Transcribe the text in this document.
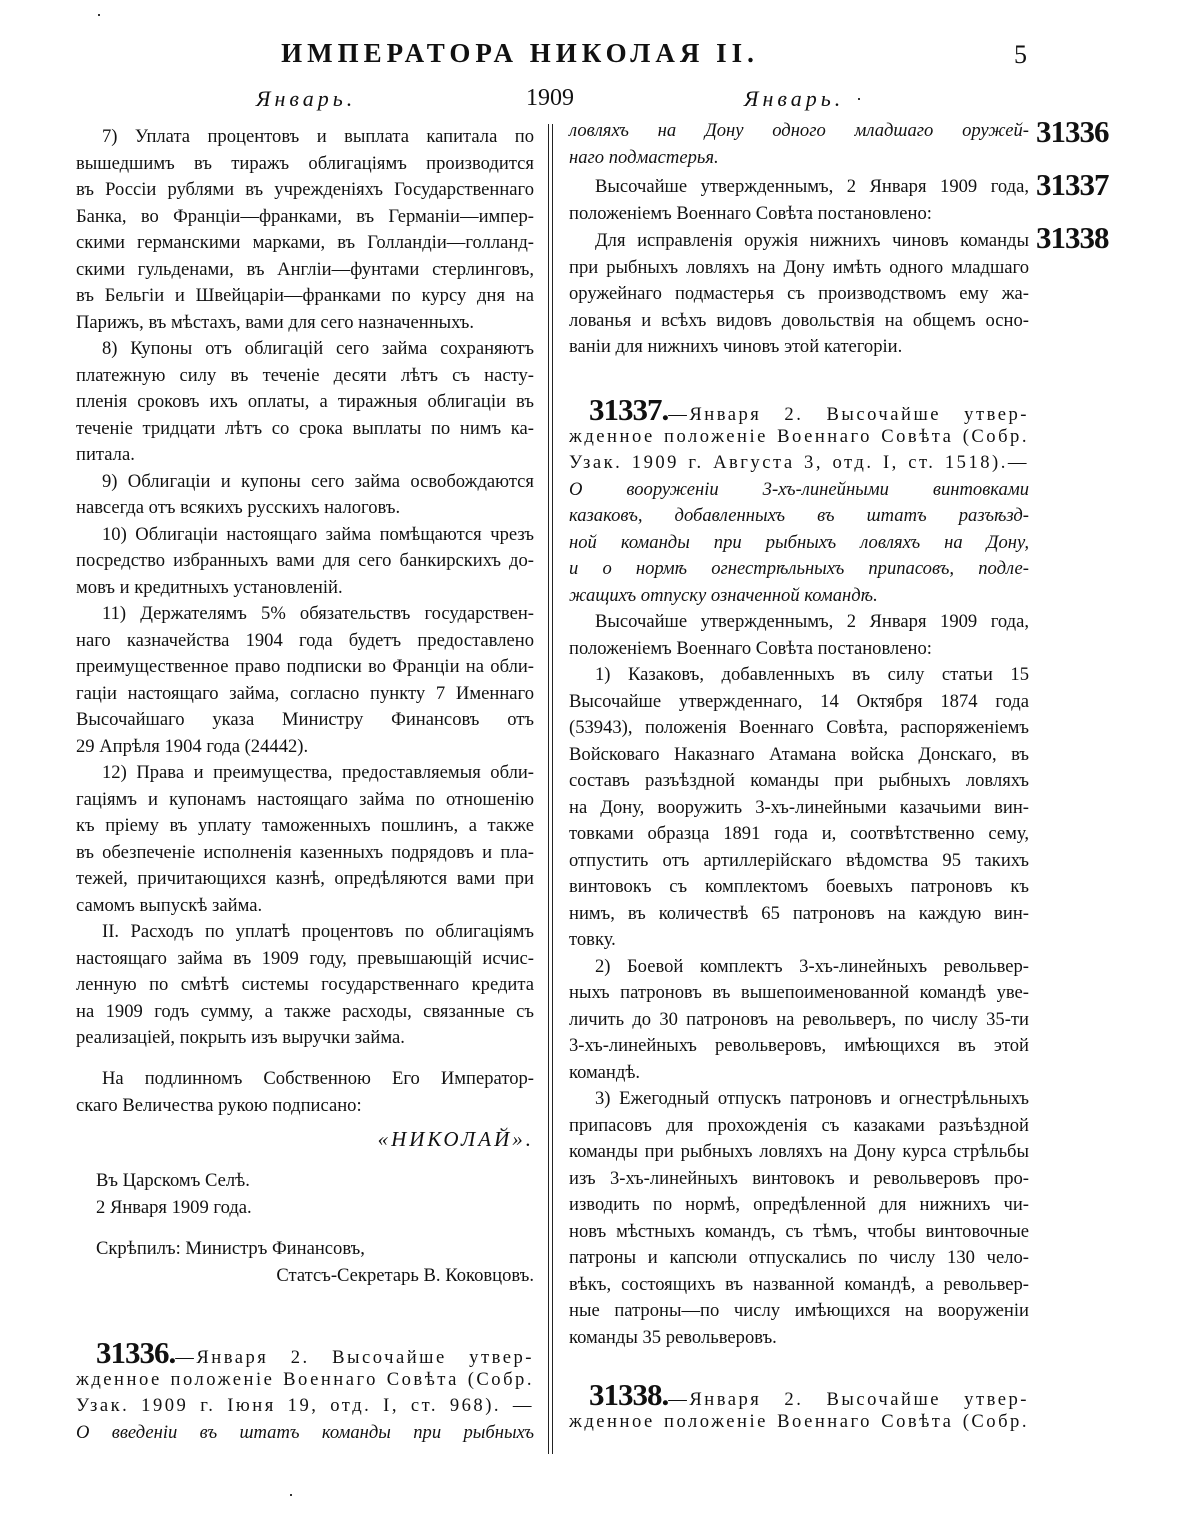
ИМПЕРАТОРА НИКОЛАЯ II.	5
Январь.	1909	Январь.
31336
31337
31338
7) Уплата процентовъ и выплата капитала по
вышедшимъ въ тиражъ облигаціямъ производится
въ Россіи рублями въ учрежденіяхъ Государственнаго
Банка, во Франціи—франками, въ Германіи—импер-
скими германскими марками, въ Голландіи—голланд-
скими гульденами, въ Англіи—фунтами стерлинговъ,
въ Бельгіи и Швейцаріи—франками по курсу дня на
Парижъ, въ мѣстахъ, вами для сего назначенныхъ.
8) Купоны отъ облигацій сего займа сохраняютъ
платежную силу въ теченіе десяти лѣтъ съ насту-
пленія сроковъ ихъ оплаты, а тиражныя облигаціи въ
теченіе тридцати лѣтъ со срока выплаты по нимъ ка-
питала.
9) Облигаціи и купоны сего займа освобождаются
навсегда отъ всякихъ русскихъ налоговъ.
10) Облигаціи настоящаго займа помѣщаются чрезъ
посредство избранныхъ вами для сего банкирскихъ до-
мовъ и кредитныхъ установленій.
11) Держателямъ 5% обязательствъ государствен-
наго казначейства 1904 года будетъ предоставлено
преимущественное право подписки во Франціи на обли-
гаціи настоящаго займа, согласно пункту 7 Именнаго
Высочайшаго указа Министру Финансовъ отъ
29 Апрѣля 1904 года (24442).
12) Права и преимущества, предоставляемыя обли-
гаціямъ и купонамъ настоящаго займа по отношенію
къ пріему въ уплату таможенныхъ пошлинъ, а также
въ обезпеченіе исполненія казенныхъ подрядовъ и пла-
тежей, причитающихся казнѣ, опредѣляются вами при
самомъ выпускѣ займа.
II. Расходъ по уплатѣ процентовъ по облигаціямъ
настоящаго займа въ 1909 году, превышающій исчис-
ленную по смѣтѣ системы государственнаго кредита
на 1909 годъ сумму, а также расходы, связанные съ
реализаціей, покрыть изъ выручки займа.
На подлинномъ Собственною Его Император-
скаго Величества рукою подписано:
«НИКОЛАЙ».
Въ Царскомъ Селѣ.
2 Января 1909 года.
Скрѣпилъ: Министръ Финансовъ,
Статсъ-Секретарь В. Коковцовъ.
31336.—Января 2. Высочайше утвер-
жденное положеніе Военнаго Совѣта (Собр.
Узак. 1909 г. Іюня 19, отд. I, ст. 968). —
О введеніи въ штатъ команды при рыбныхъ
ловляхъ на Дону одного младшаго оружей-
наго подмастерья.
Высочайше утвержденнымъ, 2 Января 1909 года,
положеніемъ Военнаго Совѣта постановлено:
Для исправленія оружія нижнихъ чиновъ команды
при рыбныхъ ловляхъ на Дону имѣть одного младшаго
оружейнаго подмастерья съ производствомъ ему жа-
лованья и всѣхъ видовъ довольствія на общемъ осно-
ваніи для нижнихъ чиновъ этой категоріи.
31337.—Января 2. Высочайше утвер-
жденное положеніе Военнаго Совѣта (Собр.
Узак. 1909 г. Августа 3, отд. I, ст. 1518).—
О вооруженіи 3-хъ-линейными винтовками
казаковъ, добавленныхъ въ штатъ разъѣзд-
ной команды при рыбныхъ ловляхъ на Дону,
и о нормѣ огнестрѣльныхъ припасовъ, подле-
жащихъ отпуску означенной командѣ.
Высочайше утвержденнымъ, 2 Января 1909 года,
положеніемъ Военнаго Совѣта постановлено:
1) Казаковъ, добавленныхъ въ силу статьи 15
Высочайше утвержденнаго, 14 Октября 1874 года
(53943), положенія Военнаго Совѣта, распоряженіемъ
Войсковаго Наказнаго Атамана войска Донскаго, въ
составъ разъѣздной команды при рыбныхъ ловляхъ
на Дону, вооружить 3-хъ-линейными казачьими вин-
товками образца 1891 года и, соотвѣтственно сему,
отпустить отъ артиллерійскаго вѣдомства 95 такихъ
винтовокъ съ комплектомъ боевыхъ патроновъ къ
нимъ, въ количествѣ 65 патроновъ на каждую вин-
товку.
2) Боевой комплектъ 3-хъ-линейныхъ револьвер-
ныхъ патроновъ въ вышепоименованной командѣ уве-
личить до 30 патроновъ на револьверъ, по числу 35-ти
3-хъ-линейныхъ револьверовъ, имѣющихся въ этой
командѣ.
3) Ежегодный отпускъ патроновъ и огнестрѣльныхъ
припасовъ для прохожденія съ казаками разъѣздной
команды при рыбныхъ ловляхъ на Дону курса стрѣльбы
изъ 3-хъ-линейныхъ винтовокъ и револьверовъ про-
изводить по нормѣ, опредѣленной для нижнихъ чи-
новъ мѣстныхъ командъ, съ тѣмъ, чтобы винтовочные
патроны и капсюли отпускались по числу 130 чело-
вѣкъ, состоящихъ въ названной командѣ, а револьвер-
ные патроны—по числу имѣющихся на вооруженіи
команды 35 револьверовъ.
31338.—Января 2. Высочайше утвер-
жденное положеніе Военнаго Совѣта (Собр.
